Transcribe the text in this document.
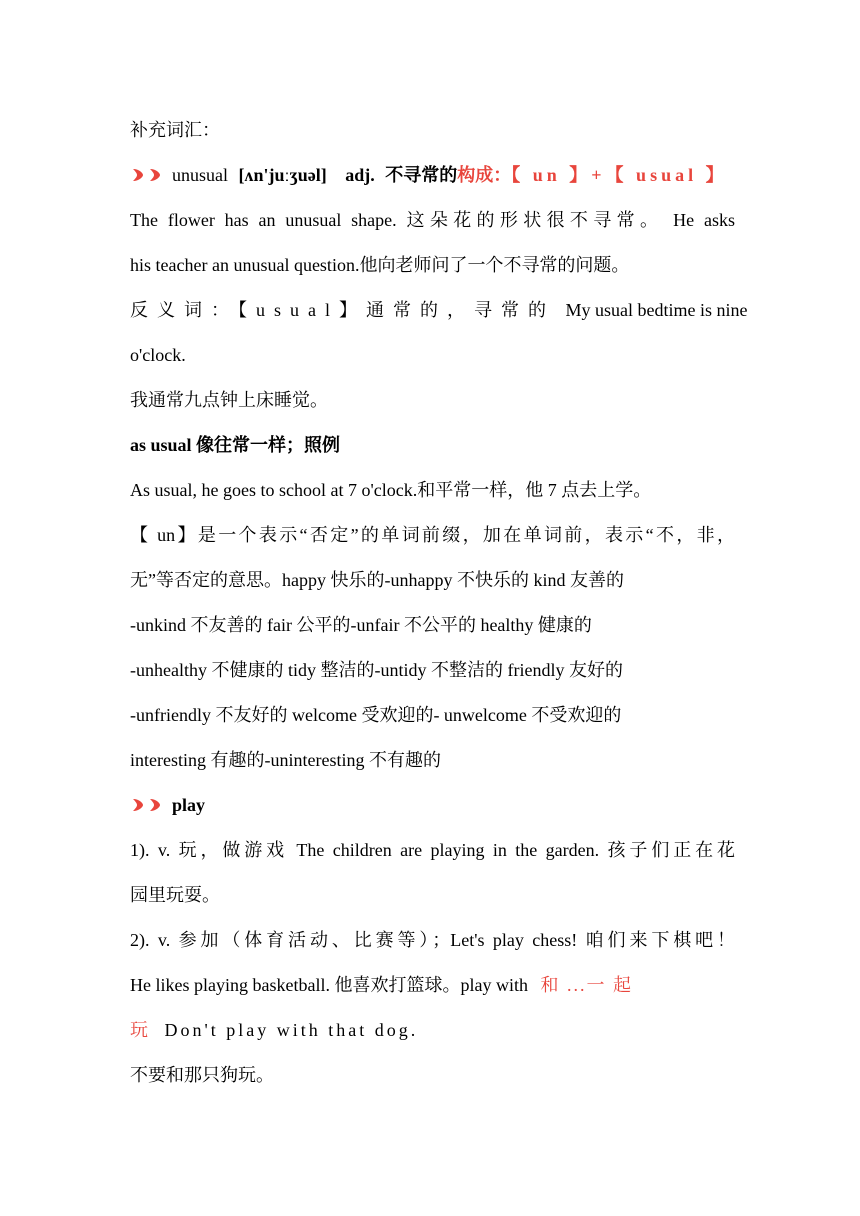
补充词汇：
unusual [ʌn'juːʒuəl] adj. 不寻常的构成：【 un 】+【 usual 】
The flower has an unusual shape. 这朵花的形状很不寻常。 He asks
his teacher an unusual question.他向老师问了一个不寻常的问题。
反义词：【usual】通常的，寻常的 My usual bedtime is nine
o'clock.
我通常九点钟上床睡觉。
as usual 像往常一样；照例
As usual, he goes to school at 7 o'clock.和平常一样，他 7 点去上学。
【 un】是一个表示“否定”的单词前缀，加在单词前，表示“不，非，
无”等否定的意思。happy 快乐的-unhappy 不快乐的 kind 友善的
-unkind 不友善的 fair 公平的-unfair 不公平的 healthy 健康的
-unhealthy 不健康的 tidy 整洁的-untidy 不整洁的 friendly 友好的
-unfriendly 不友好的 welcome 受欢迎的- unwelcome 不受欢迎的
interesting 有趣的-uninteresting 不有趣的
play
1). v. 玩，做游戏 The children are playing in the garden. 孩子们正在花
园里玩耍。
2). v. 参加（体育活动、比赛等）；Let's play chess! 咱们来下棋吧！
He likes playing basketball. 他喜欢打篮球。play with 和 ...一 起
玩 Don't play with that dog.
不要和那只狗玩。
